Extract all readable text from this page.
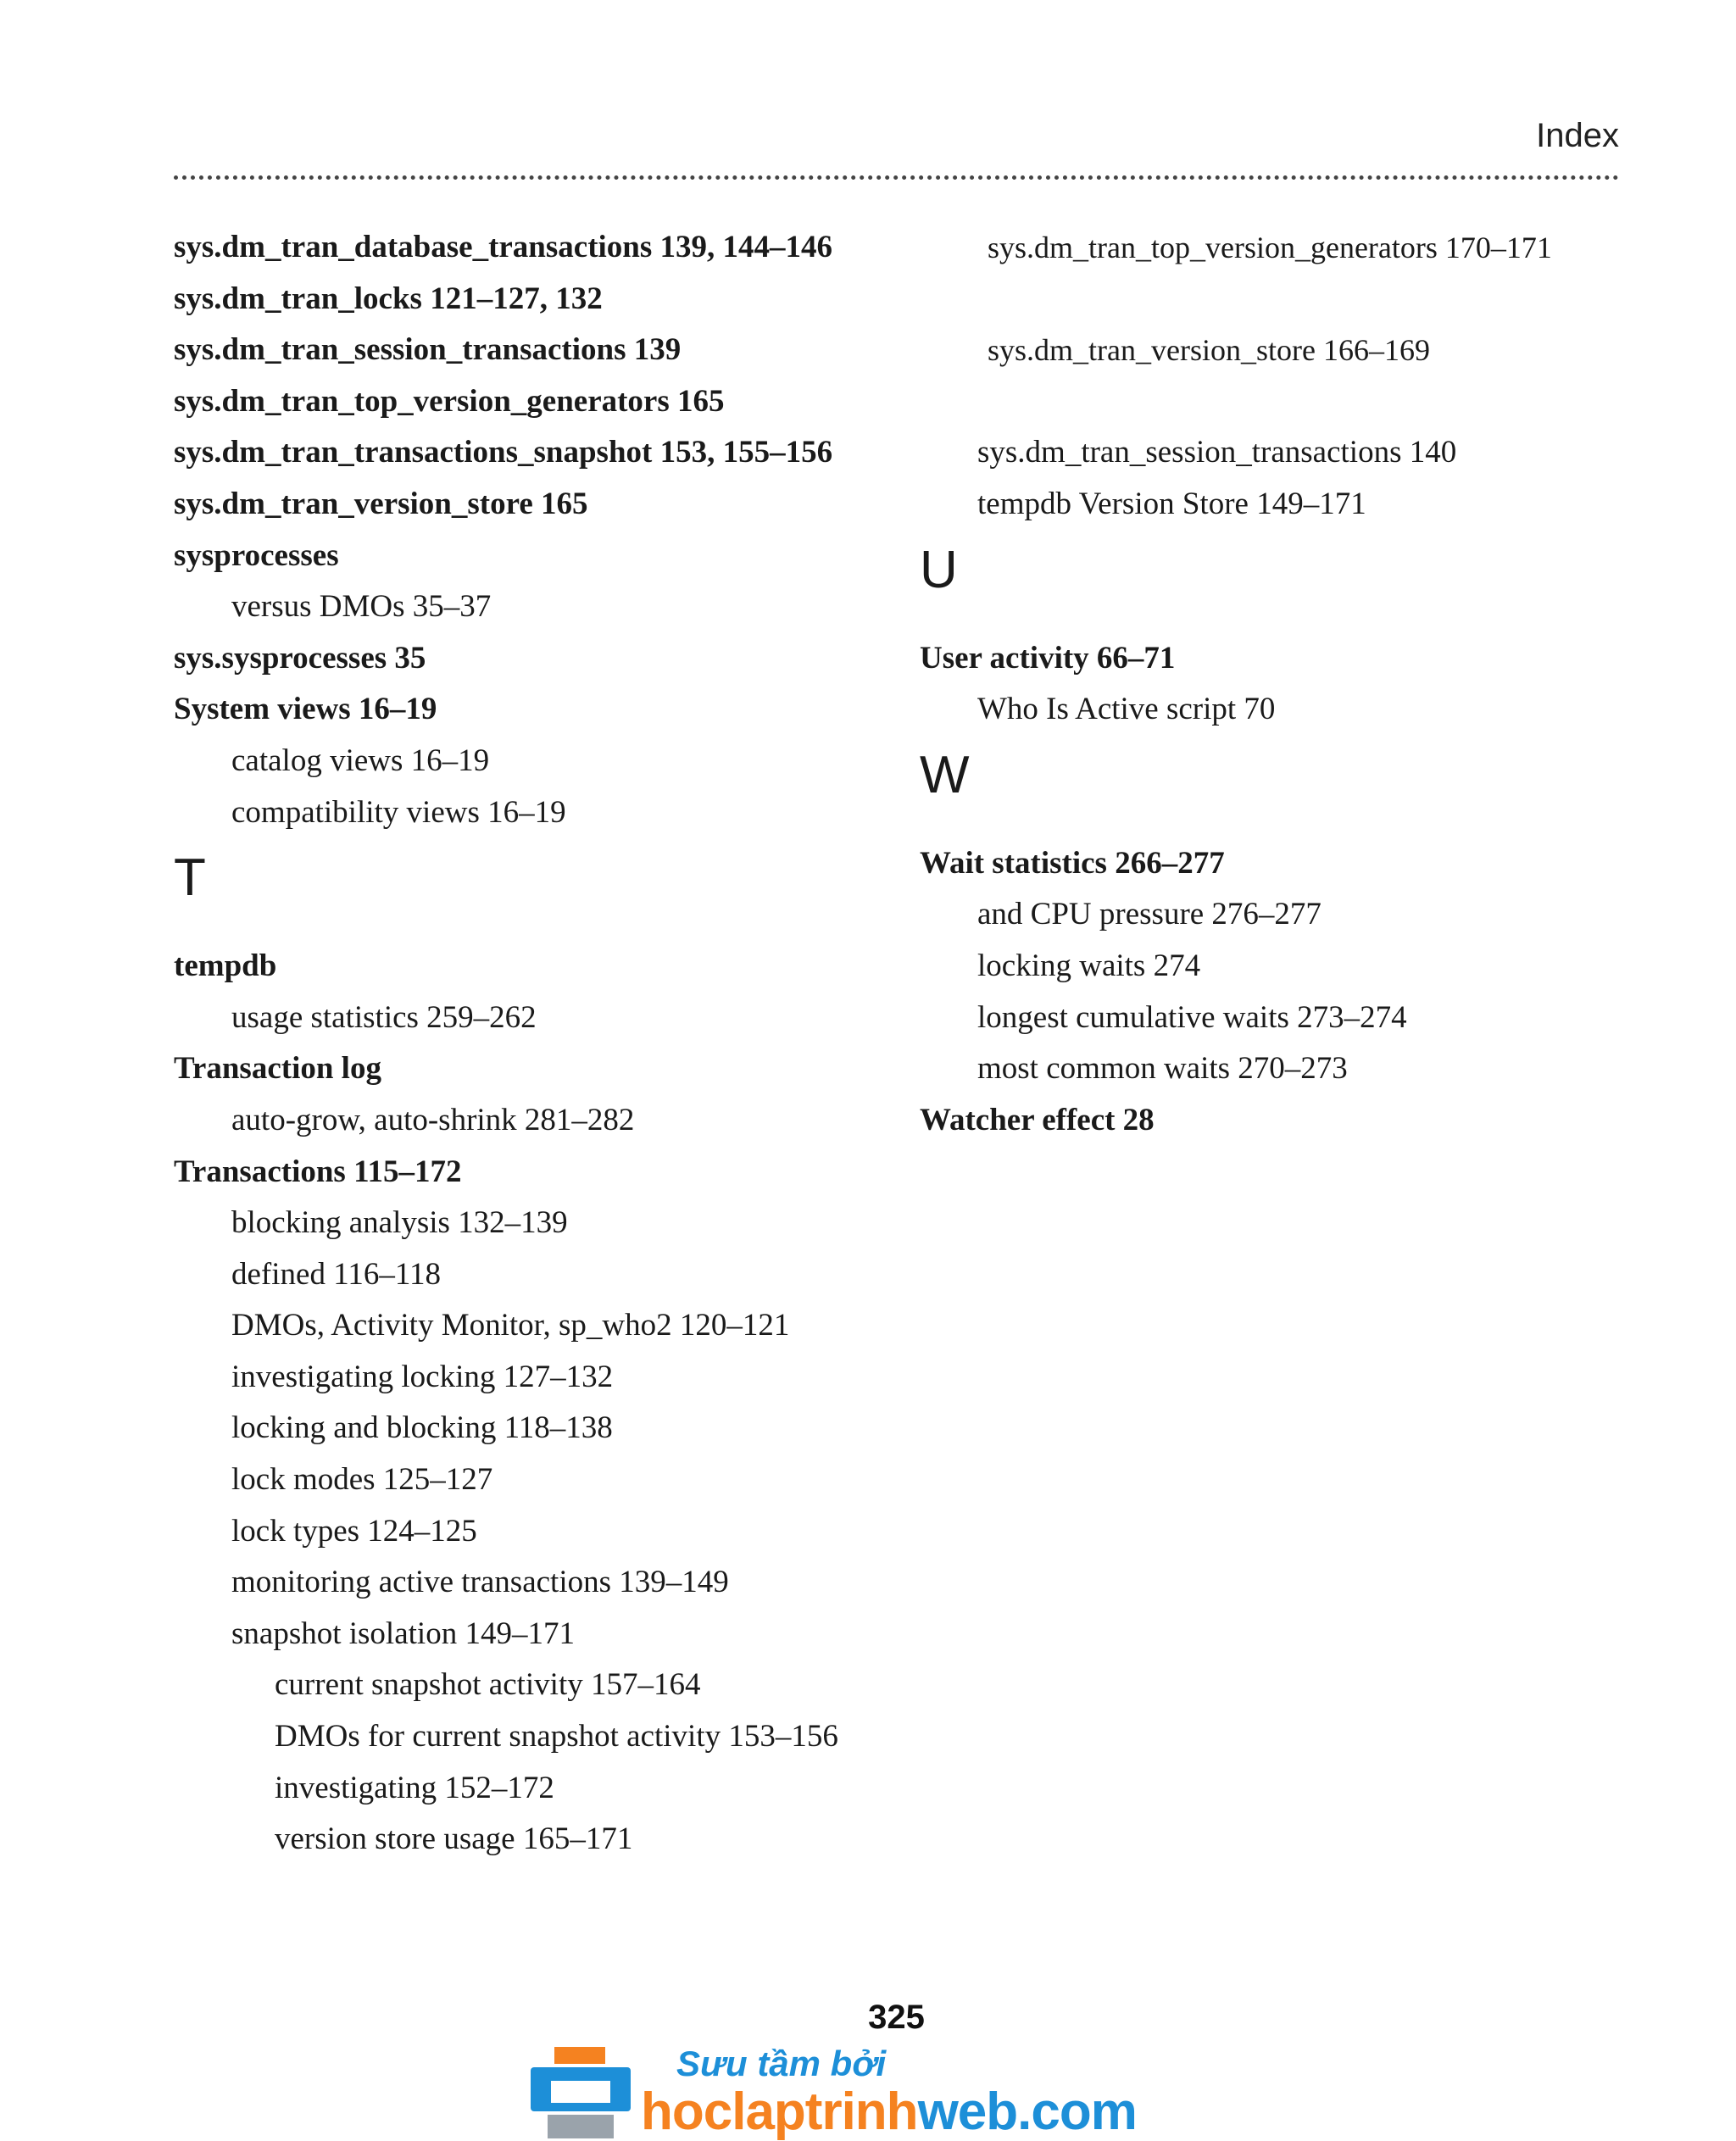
Index
sys.dm_tran_database_transactions 139, 144–146
sys.dm_tran_locks 121–127, 132
sys.dm_tran_session_transactions 139
sys.dm_tran_top_version_generators 165
sys.dm_tran_transactions_snapshot 153, 155–156
sys.dm_tran_version_store 165
sysprocesses
versus DMOs 35–37
sys.sysprocesses 35
System views 16–19
catalog views 16–19
compatibility views 16–19
T
tempdb
usage statistics 259–262
Transaction log
auto-grow, auto-shrink 281–282
Transactions 115–172
blocking analysis 132–139
defined 116–118
DMOs, Activity Monitor, sp_who2 120–121
investigating locking 127–132
locking and blocking 118–138
lock modes 125–127
lock types 124–125
monitoring active transactions 139–149
snapshot isolation 149–171
current snapshot activity 157–164
DMOs for current snapshot activity 153–156
investigating 152–172
version store usage 165–171
sys.dm_tran_top_version_generators 170–171
sys.dm_tran_version_store 166–169
sys.dm_tran_session_transactions 140
tempdb Version Store 149–171
U
User activity 66–71
Who Is Active script 70
W
Wait statistics 266–277
and CPU pressure 276–277
locking waits 274
longest cumulative waits 273–274
most common waits 270–273
Watcher effect 28
325
Sưu tầm bởi
hoclaptrinhweb.com
